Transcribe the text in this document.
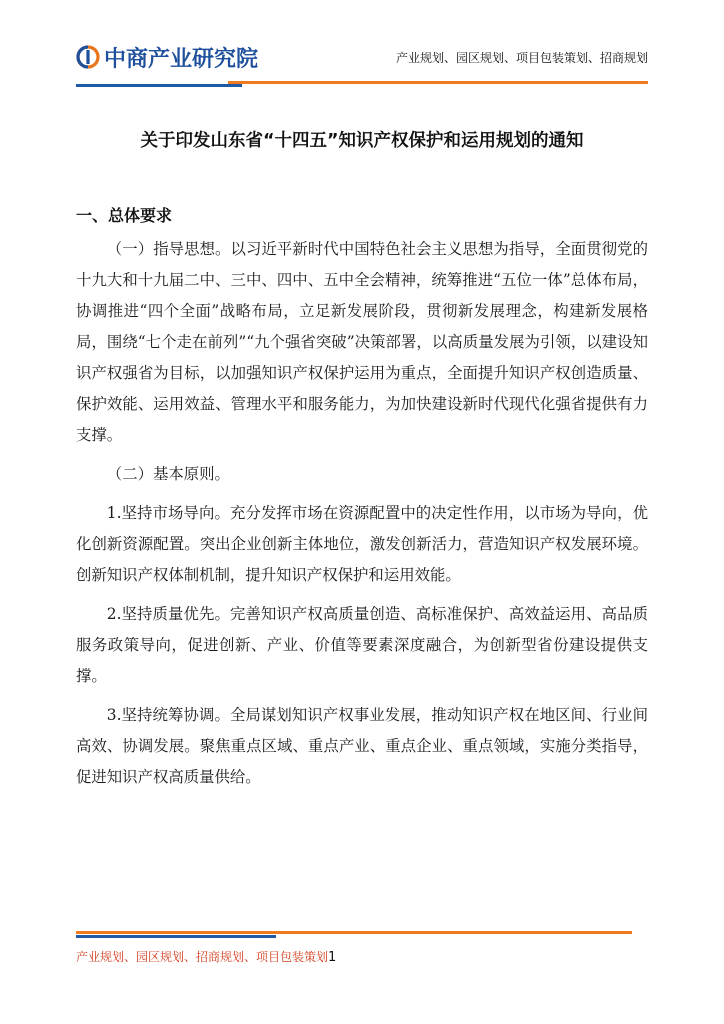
中商产业研究院	产业规划、园区规划、项目包装策划、招商规划
关于印发山东省“十四五”知识产权保护和运用规划的通知
一、总体要求

（一）指导思想。以习近平新时代中国特色社会主义思想为指导，全面贯彻党的十九大和十九届二中、三中、四中、五中全会精神，统筹推进“五位一体”总体布局，协调推进“四个全面”战略布局，立足新发展阶段，贯彻新发展理念，构建新发展格局，围绕“七个走在前列”“九个强省突破”决策部署，以高质量发展为引领，以建设知识产权强省为目标，以加强知识产权保护运用为重点，全面提升知识产权创造质量、保护效能、运用效益、管理水平和服务能力，为加快建设新时代现代化强省提供有力支撑。

（二）基本原则。

1.坚持市场导向。充分发挥市场在资源配置中的决定性作用，以市场为导向，优化创新资源配置。突出企业创新主体地位，激发创新活力，营造知识产权发展环境。创新知识产权体制机制，提升知识产权保护和运用效能。

2.坚持质量优先。完善知识产权高质量创造、高标准保护、高效益运用、高品质服务政策导向，促进创新、产业、价值等要素深度融合，为创新型省份建设提供支撑。

3.坚持统筹协调。全局谋划知识产权事业发展，推动知识产权在地区间、行业间高效、协调发展。聚焦重点区域、重点产业、重点企业、重点领域，实施分类指导，促进知识产权高质量供给。

产业规划、园区规划、招商规划、项目包装策划1
